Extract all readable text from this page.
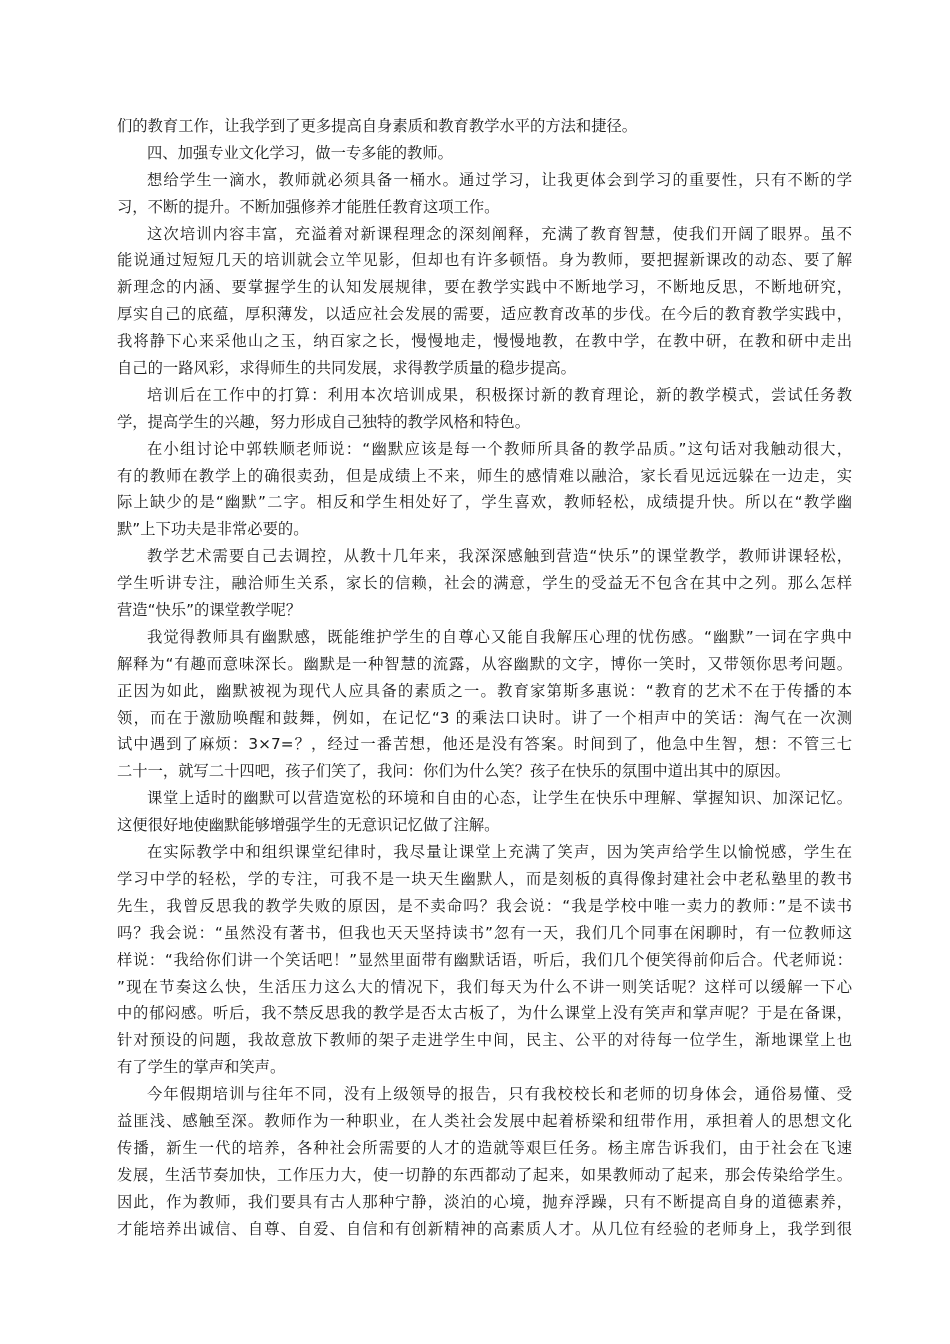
们的教育工作，让我学到了更多提高自身素质和教育教学水平的方法和捷径。
四、加强专业文化学习，做一专多能的教师。
想给学生一滴水，教师就必须具备一桶水。通过学习，让我更体会到学习的重要性，只有不断的学
习，不断的提升。不断加强修养才能胜任教育这项工作。
这次培训内容丰富，充溢着对新课程理念的深刻阐释，充满了教育智慧，使我们开阔了眼界。虽不
能说通过短短几天的培训就会立竿见影，但却也有许多顿悟。身为教师，要把握新课改的动态、要了解
新理念的内涵、要掌握学生的认知发展规律，要在教学实践中不断地学习，不断地反思，不断地研究，
厚实自己的底蕴，厚积薄发，以适应社会发展的需要，适应教育改革的步伐。在今后的教育教学实践中，
我将静下心来采他山之玉，纳百家之长，慢慢地走，慢慢地教，在教中学，在教中研，在教和研中走出
自己的一路风彩，求得师生的共同发展，求得教学质量的稳步提高。
培训后在工作中的打算：利用本次培训成果，积极探讨新的教育理论，新的教学模式，尝试任务教
学，提高学生的兴趣，努力形成自己独特的教学风格和特色。
在小组讨论中郭轶顺老师说：“幽默应该是每一个教师所具备的教学品质。”这句话对我触动很大，
有的教师在教学上的确很卖劲，但是成绩上不来，师生的感情难以融洽，家长看见远远躲在一边走，实
际上缺少的是“幽默”二字。相反和学生相处好了，学生喜欢，教师轻松，成绩提升快。所以在“教学幽
默”上下功夫是非常必要的。
教学艺术需要自己去调控，从教十几年来，我深深感触到营造“快乐”的课堂教学，教师讲课轻松，
学生听讲专注，融洽师生关系，家长的信赖，社会的满意，学生的受益无不包含在其中之列。那么怎样
营造“快乐”的课堂教学呢？
我觉得教师具有幽默感，既能维护学生的自尊心又能自我解压心理的忧伤感。“幽默”一词在字典中
解释为“有趣而意味深长。幽默是一种智慧的流露，从容幽默的文字，博你一笑时，又带领你思考问题。
正因为如此，幽默被视为现代人应具备的素质之一。教育家第斯多惠说：“教育的艺术不在于传播的本
领，而在于激励唤醒和鼓舞，例如，在记忆“3 的乘法口诀时。讲了一个相声中的笑话：淘气在一次测
试中遇到了麻烦：3×7=？，经过一番苦想，他还是没有答案。时间到了，他急中生智，想：不管三七
二十一，就写二十四吧，孩子们笑了，我问：你们为什么笑？孩子在快乐的氛围中道出其中的原因。
课堂上适时的幽默可以营造宽松的环境和自由的心态，让学生在快乐中理解、掌握知识、加深记忆。
这便很好地使幽默能够增强学生的无意识记忆做了注解。
在实际教学中和组织课堂纪律时，我尽量让课堂上充满了笑声，因为笑声给学生以愉悦感，学生在
学习中学的轻松，学的专注，可我不是一块天生幽默人，而是刻板的真得像封建社会中老私塾里的教书
先生，我曾反思我的教学失败的原因，是不卖命吗？我会说：“我是学校中唯一卖力的教师：”是不读书
吗？我会说：“虽然没有著书，但我也天天坚持读书”忽有一天，我们几个同事在闲聊时，有一位教师这
样说：“我给你们讲一个笑话吧！”显然里面带有幽默话语，听后，我们几个便笑得前仰后合。代老师说：
”现在节奏这么快，生活压力这么大的情况下，我们每天为什么不讲一则笑话呢？这样可以缓解一下心
中的郁闷感。听后，我不禁反思我的教学是否太古板了，为什么课堂上没有笑声和掌声呢？于是在备课，
针对预设的问题，我故意放下教师的架子走进学生中间，民主、公平的对待每一位学生，渐地课堂上也
有了学生的掌声和笑声。
今年假期培训与往年不同，没有上级领导的报告，只有我校校长和老师的切身体会，通俗易懂、受
益匪浅、感触至深。教师作为一种职业，在人类社会发展中起着桥梁和纽带作用，承担着人的思想文化
传播，新生一代的培养，各种社会所需要的人才的造就等艰巨任务。杨主席告诉我们，由于社会在飞速
发展，生活节奏加快，工作压力大，使一切静的东西都动了起来，如果教师动了起来，那会传染给学生。
因此，作为教师，我们要具有古人那种宁静，淡泊的心境，抛弃浮躁，只有不断提高自身的道德素养，
才能培养出诚信、自尊、自爱、自信和有创新精神的高素质人才。从几位有经验的老师身上，我学到很
